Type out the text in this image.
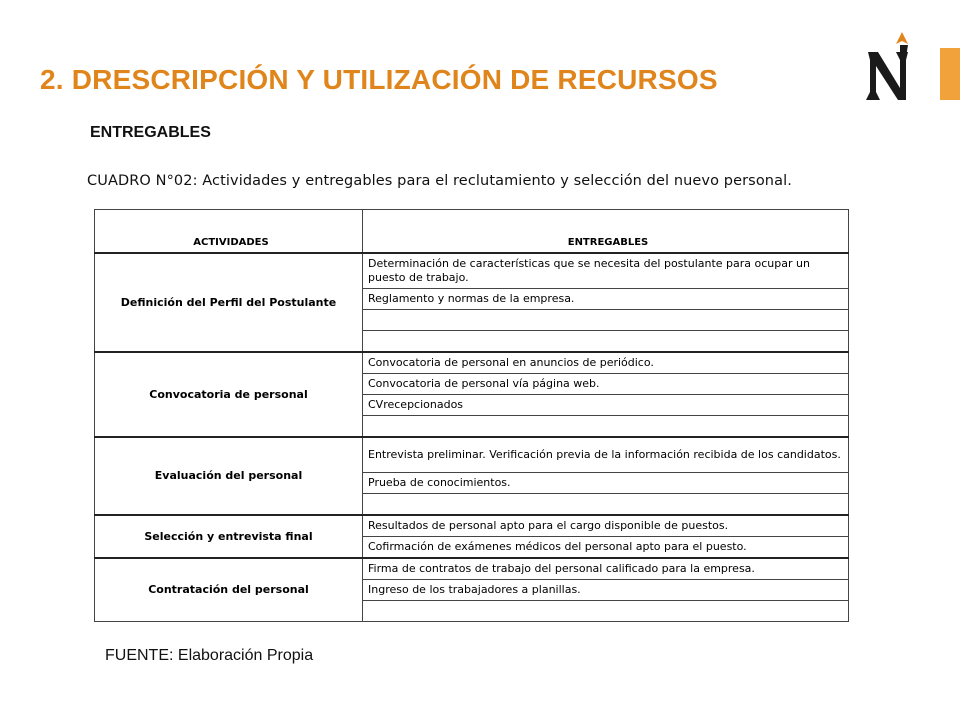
2. DRESCRIPCIÓN Y UTILIZACIÓN DE RECURSOS
ENTREGABLES
CUADRO N°02: Actividades y entregables para el reclutamiento y selección del nuevo personal.
ACTIVIDADES	ENTREGABLES
Definición del Perfil del Postulante	Determinación de características que se necesita del postulante para ocupar un puesto de trabajo.
	Reglamento y normas de la empresa.

Convocatoria de personal	Convocatoria de personal en anuncios de periódico.
	Convocatoria de personal vía página web.
	CVrecepcionados

Evaluación del personal	Entrevista preliminar. Verificación previa de la información recibida de los candidatos.
	Prueba de conocimientos.

Selección y entrevista final	Resultados de personal apto para el cargo disponible de puestos.
	Cofirmación de exámenes médicos del personal apto para el puesto.
Contratación del personal	Firma de contratos de trabajo del personal calificado para la empresa.
	Ingreso de los trabajadores a planillas.

FUENTE: Elaboración Propia
